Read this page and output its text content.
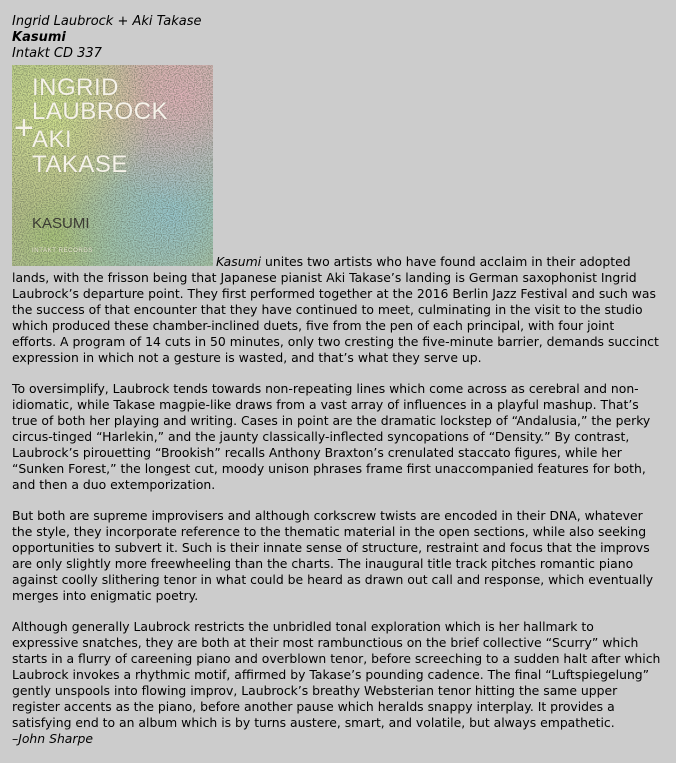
Ingrid Laubrock + Aki Takase

Kasumi

Intakt CD 337

INGRID
LAUBROCK
+
AKI
TAKASE
KASUMI
INTAKT RECORDS
Kasumi unites two artists who have found acclaim in their adopted lands, with the frisson being that Japanese pianist Aki Takase’s landing is German saxophonist Ingrid Laubrock’s departure point. They first performed together at the 2016 Berlin Jazz Festival and such was the success of that encounter that they have continued to meet, culminating in the visit to the studio which produced these chamber-inclined duets, five from the pen of each principal, with four joint efforts. A program of 14 cuts in 50 minutes, only two cresting the five-minute barrier, demands succinct expression in which not a gesture is wasted, and that’s what they serve up.

To oversimplify, Laubrock tends towards non-repeating lines which come across as cerebral and non-idiomatic, while Takase magpie-like draws from a vast array of influences in a playful mashup. That’s true of both her playing and writing. Cases in point are the dramatic lockstep of “Andalusia,” the perky circus-tinged “Harlekin,” and the jaunty classically-inflected syncopations of “Density.” By contrast, Laubrock’s pirouetting “Brookish” recalls Anthony Braxton’s crenulated staccato figures, while her “Sunken Forest,” the longest cut, moody unison phrases frame first unaccompanied features for both, and then a duo extemporization.

But both are supreme improvisers and although corkscrew twists are encoded in their DNA, whatever the style, they incorporate reference to the thematic material in the open sections, while also seeking opportunities to subvert it. Such is their innate sense of structure, restraint and focus that the improvs are only slightly more freewheeling than the charts. The inaugural title track pitches romantic piano against coolly slithering tenor in what could be heard as drawn out call and response, which eventually merges into enigmatic poetry.

Although generally Laubrock restricts the unbridled tonal exploration which is her hallmark to expressive snatches, they are both at their most rambunctious on the brief collective “Scurry” which starts in a flurry of careening piano and overblown tenor, before screeching to a sudden halt after which Laubrock invokes a rhythmic motif, affirmed by Takase’s pounding cadence. The final “Luftspiegelung” gently unspools into flowing improv, Laubrock’s breathy Websterian tenor hitting the same upper register accents as the piano, before another pause which heralds snappy interplay. It provides a satisfying end to an album which is by turns austere, smart, and volatile, but always empathetic.

–John Sharpe
